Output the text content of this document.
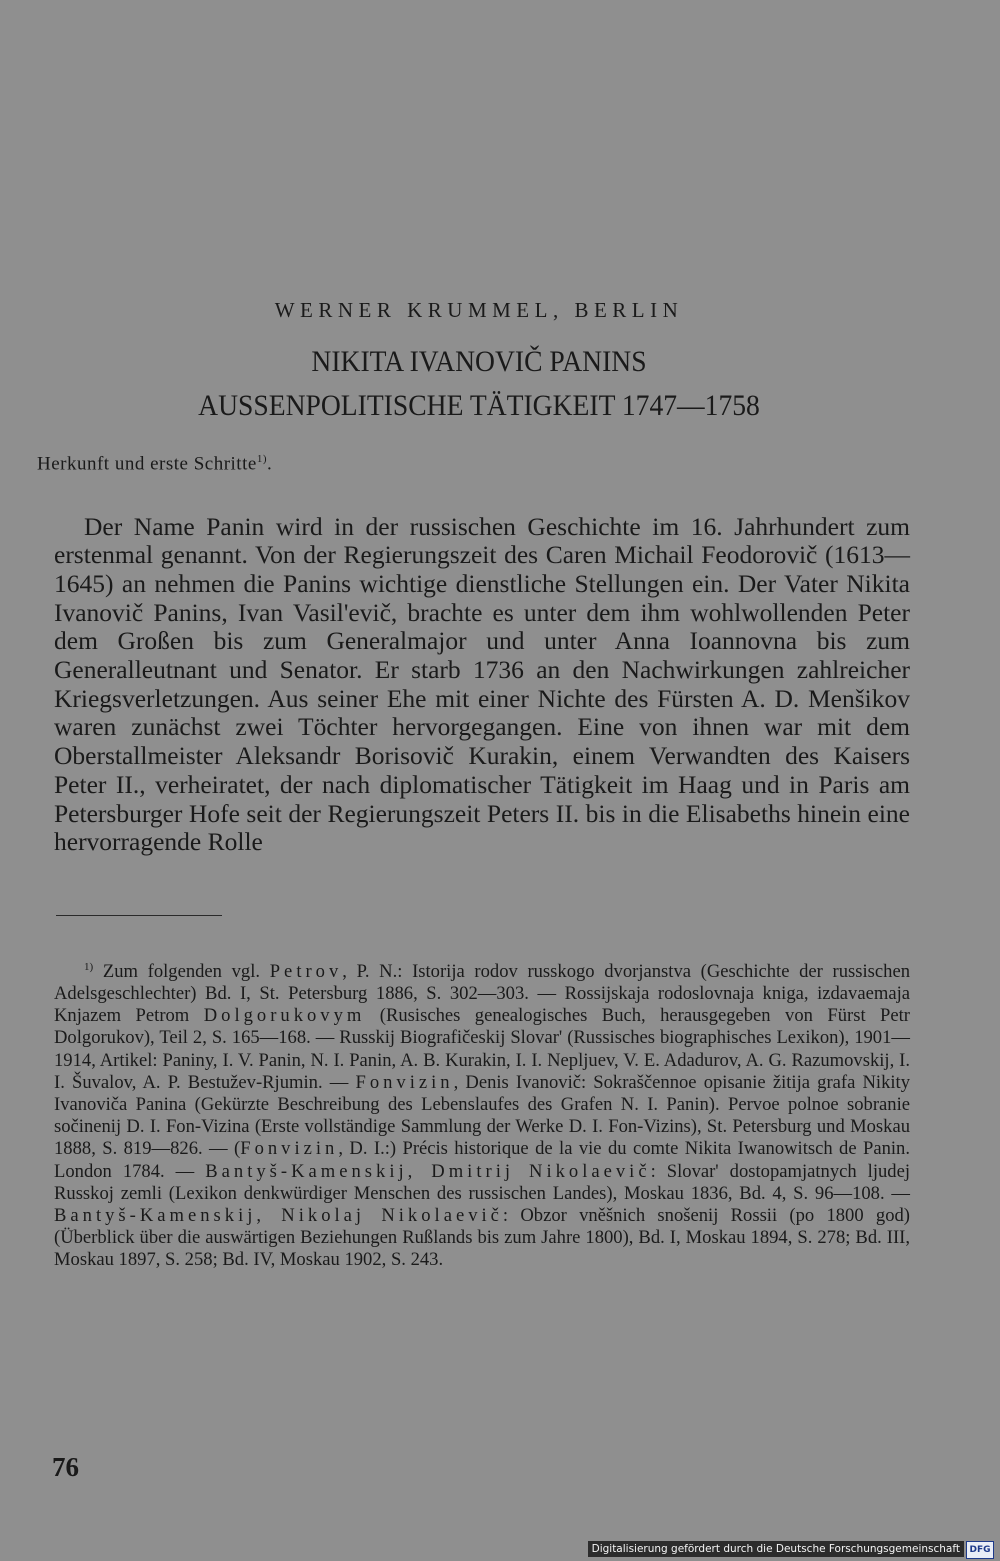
WERNER KRUMMEL, BERLIN
NIKITA IVANOVIČ PANINS
AUSSENPOLITISCHE TÄTIGKEIT 1747—1758
Herkunft und erste Schritte$^{1)}$.

Der Name Panin wird in der russischen Geschichte im 16. Jahrhundert zum erstenmal genannt. Von der Regierungszeit des Caren Michail Feodorovič (1613—1645) an nehmen die Panins wichtige dienstliche Stellungen ein. Der Vater Nikita Ivanovič Panins, Ivan Vasil'evič, brachte es unter dem ihm wohlwollenden Peter dem Großen bis zum Generalmajor und unter Anna Ioannovna bis zum Generalleutnant und Senator. Er starb 1736 an den Nachwirkungen zahlreicher Kriegsverletzungen. Aus seiner Ehe mit einer Nichte des Fürsten A. D. Menšikov waren zunächst zwei Töchter hervorgegangen. Eine von ihnen war mit dem Oberstallmeister Aleksandr Borisovič Kurakin, einem Verwandten des Kaisers Peter II., verheiratet, der nach diplomatischer Tätigkeit im Haag und in Paris am Petersburger Hofe seit der Regierungszeit Peters II. bis in die Elisabeths hinein eine hervorragende Rolle

$^{1)}$ Zum folgenden vgl. Petrov, P. N.: Istorija rodov russkogo dvorjanstva (Geschichte der russischen Adelsgeschlechter) Bd. I, St. Petersburg 1886, S. 302—303. — Rossijskaja rodoslovnaja kniga, izdavaemaja Knjazem Petrom Dolgorukovym (Rusisches genealogisches Buch, herausgegeben von Fürst Petr Dolgorukov), Teil 2, S. 165—168. — Russkij Biografičeskij Slovar' (Russisches biographisches Lexikon), 1901—1914, Artikel: Paniny, I. V. Panin, N. I. Panin, A. B. Kurakin, I. I. Nepljuev, V. E. Adadurov, A. G. Razumovskij, I. I. Šuvalov, A. P. Bestužev-Rjumin. — Fonvizin, Denis Ivanovič: Sokraščennoe opisanie žitija grafa Nikity Ivanoviča Panina (Gekürzte Beschreibung des Lebenslaufes des Grafen N. I. Panin). Pervoe polnoe sobranie sočinenij D. I. Fon-Vizina (Erste vollständige Sammlung der Werke D. I. Fon-Vizins), St. Petersburg und Moskau 1888, S. 819—826. — (Fonvizin, D. I.:) Précis historique de la vie du comte Nikita Iwanowitsch de Panin. London 1784. — Bantyš-Kamenskij, Dmitrij Nikolaevič: Slovar' dostopamjatnych ljudej Russkoj zemli (Lexikon denkwürdiger Menschen des russischen Landes), Moskau 1836, Bd. 4, S. 96—108. — Bantyš-Kamenskij, Nikolaj Nikolaevič: Obzor vněšnich snošenij Rossii (po 1800 god) (Überblick über die auswärtigen Beziehungen Rußlands bis zum Jahre 1800), Bd. I, Moskau 1894, S. 278; Bd. III, Moskau 1897, S. 258; Bd. IV, Moskau 1902, S. 243.

76
Digitalisierung gefördert durch die Deutsche Forschungsgemeinschaft	DFG
